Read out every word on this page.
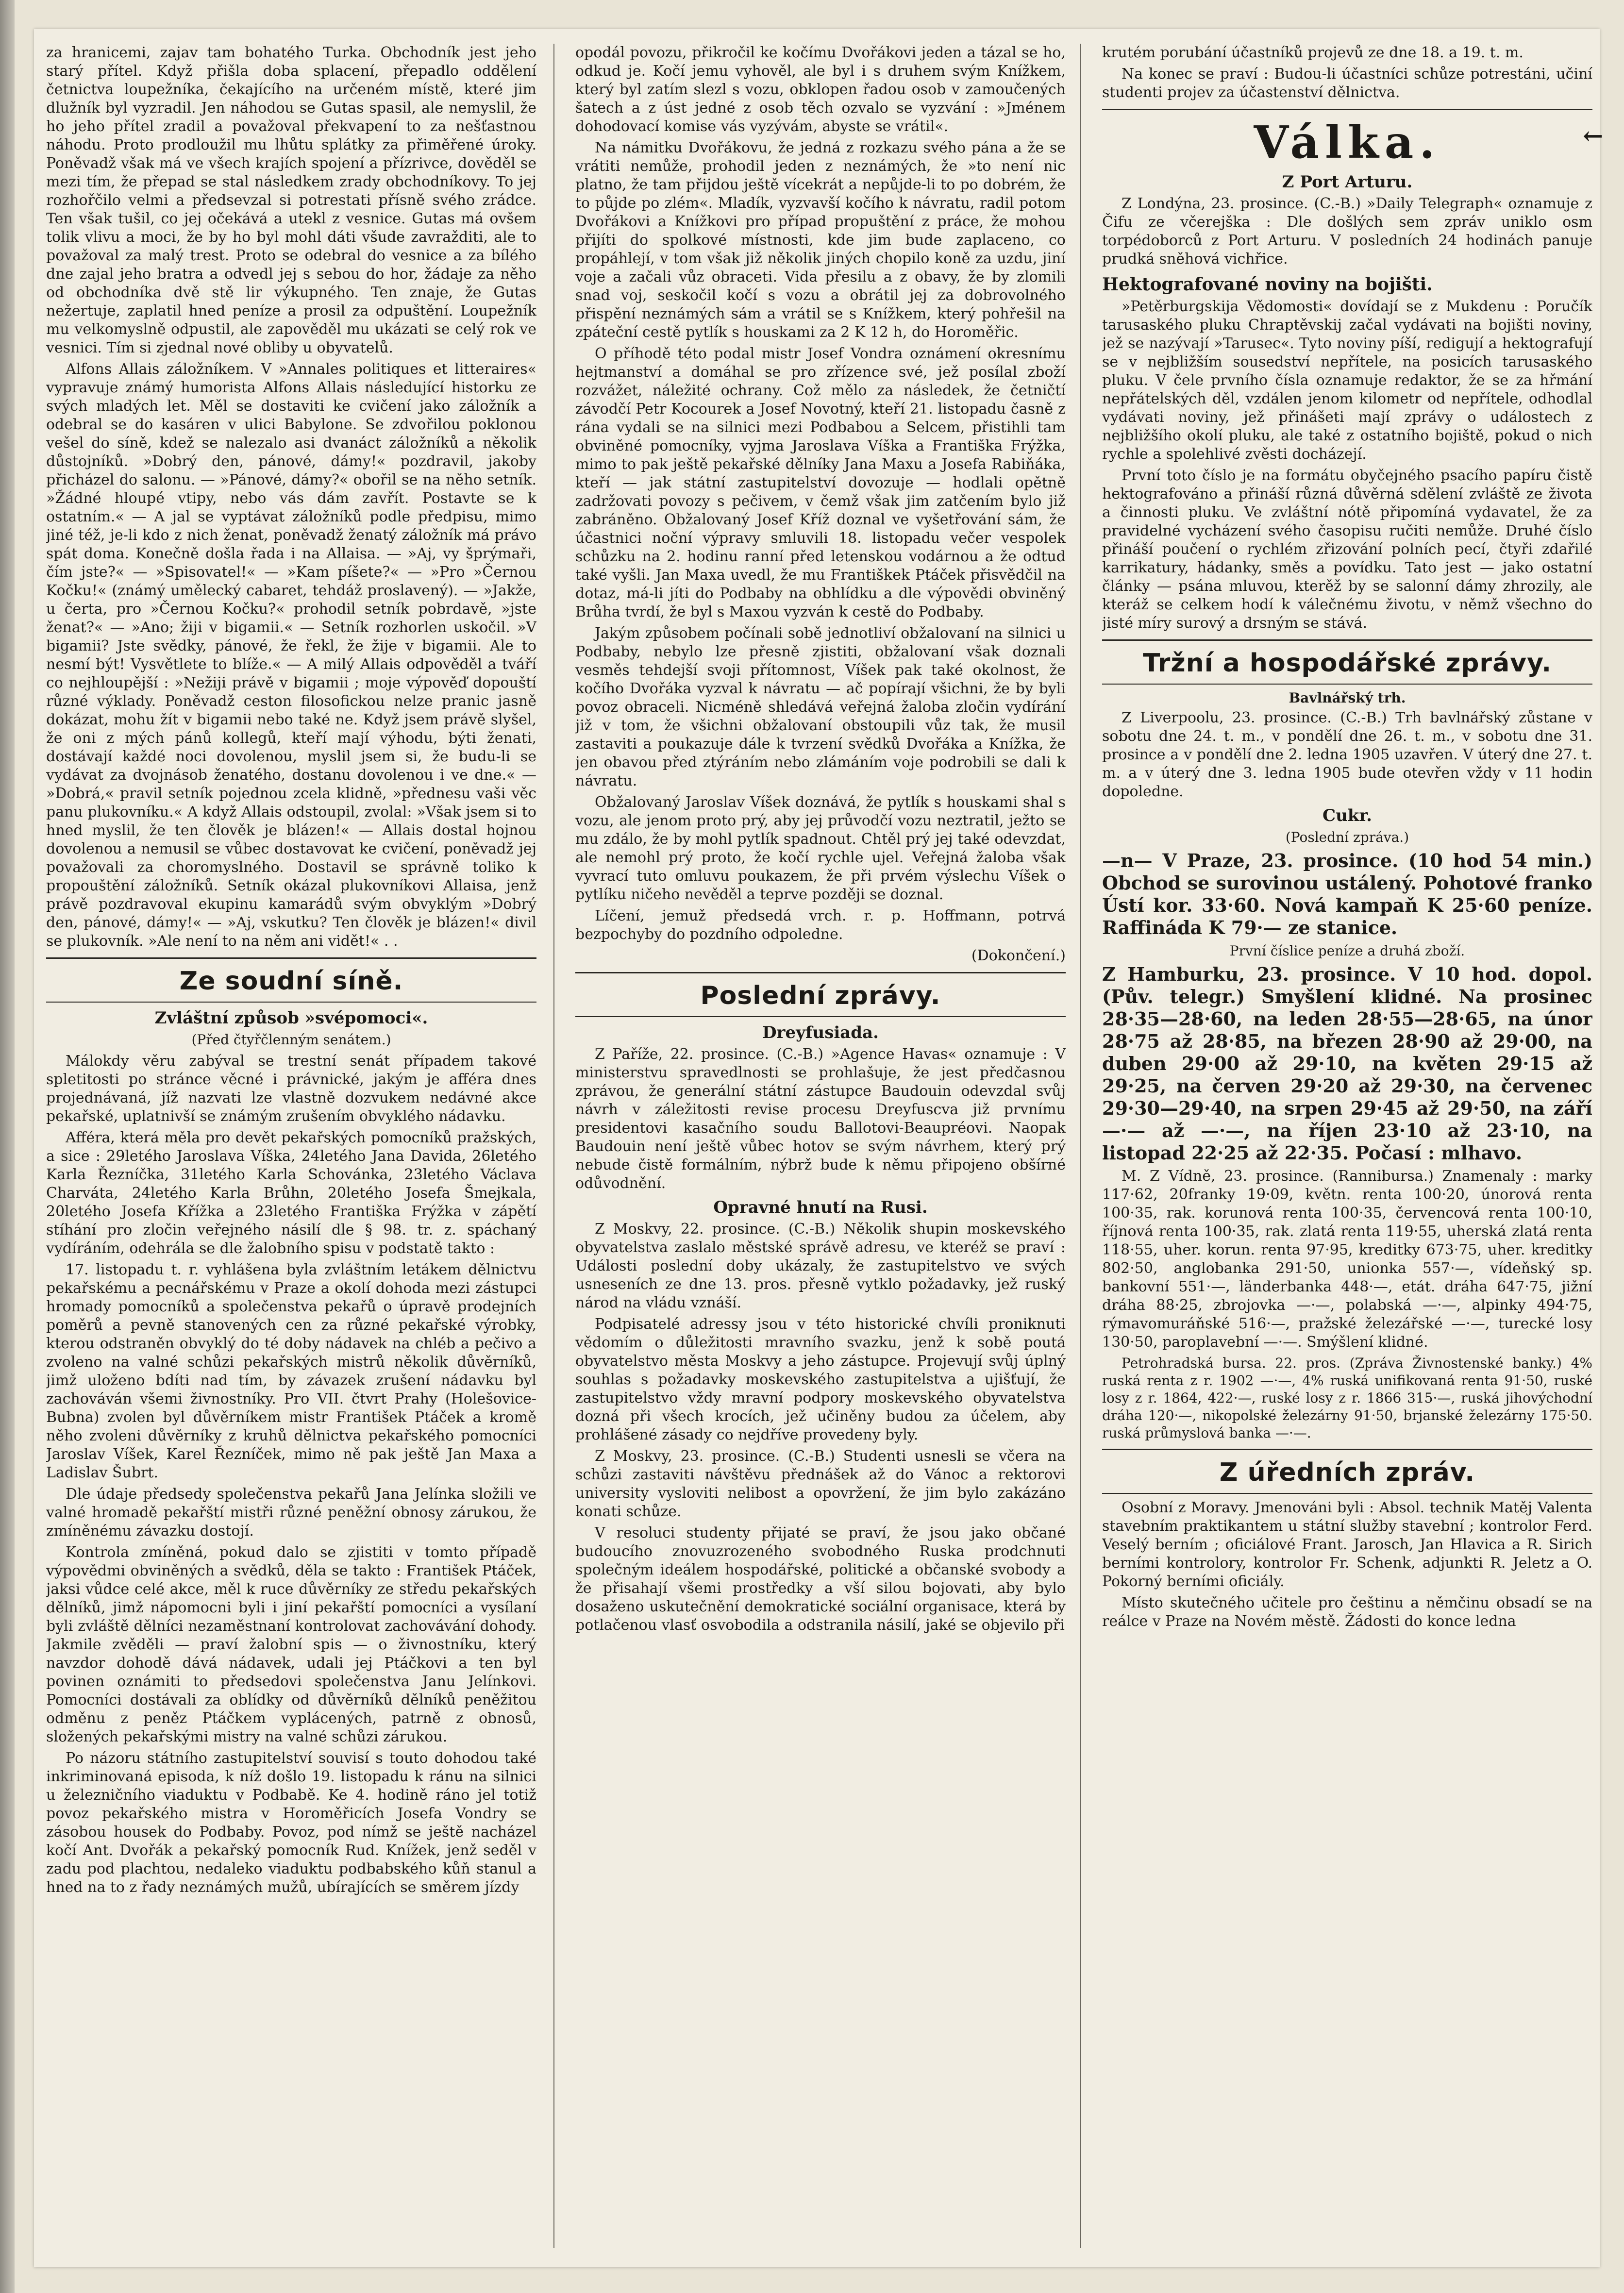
za hranicemi, zajav tam bohatého Turka. Obchodník jest jeho starý přítel. Když přišla doba splacení, přepadlo oddělení četnictva loupežníka, čekajícího na určeném místě, které jim dlužník byl vyzradil. Jen náhodou se Gutas spasil, ale nemyslil, že ho jeho přítel zradil a považoval překvapení to za nešťastnou náhodu. Proto prodloužil mu lhůtu splátky za přiměřené úroky. Poněvadž však má ve všech krajích spojení a přízrivce, dověděl se mezi tím, že přepad se stal následkem zrady obchodníkovy. To jej rozhořčilo velmi a předsevzal si potrestati přísně svého zrádce. Ten však tušil, co jej očekává a utekl z vesnice. Gutas má ovšem tolik vlivu a moci, že by ho byl mohl dáti všude zavražditi, ale to považoval za malý trest. Proto se odebral do vesnice a za bílého dne zajal jeho bratra a odvedl jej s sebou do hor, žádaje za něho od obchodníka dvě stě lir výkupného. Ten znaje, že Gutas nežertuje, zaplatil hned peníze a prosil za odpuštění. Loupežník mu velkomyslně odpustil, ale zapověděl mu ukázati se celý rok ve vesnici. Tím si zjednal nové obliby u obyvatelů.

Alfons Allais záložníkem. V »Annales politiques et litteraires« vypravuje známý humorista Alfons Allais následující historku ze svých mladých let. Měl se dostaviti ke cvičení jako záložník a odebral se do kasáren v ulici Babylone. Se zdvořilou poklonou vešel do síně, kdež se nalezalo asi dvanáct záložníků a několik důstojníků. »Dobrý den, pánové, dámy!« pozdravil, jakoby přicházel do salonu. — »Pánové, dámy?« obořil se na něho setník. »Žádné hloupé vtipy, nebo vás dám zavřít. Postavte se k ostatním.« — A jal se vyptávat záložníků podle předpisu, mimo jiné též, je-li kdo z nich ženat, poněvadž ženatý záložník má právo spát doma. Konečně došla řada i na Allaisa. — »Aj, vy šprýmaři, čím jste?« — »Spisovatel!« — »Kam píšete?« — »Pro »Černou Kočku!« (známý umělecký cabaret, tehdáž proslavený). — »Jakže, u čerta, pro »Černou Kočku?« prohodil setník pobrdavě, »jste ženat?« — »Ano; žiji v bigamii.« — Setník rozhorlen uskočil. »V bigamii? Jste svědky, pánové, že řekl, že žije v bigamii. Ale to nesmí být! Vysvětlete to blíže.« — A milý Allais odpověděl a tváří co nejhloupější : »Nežiji právě v bigamii ; moje výpověď dopouští různé výklady. Poněvadž ceston filosofickou nelze pranic jasně dokázat, mohu žít v bigamii nebo také ne. Když jsem právě slyšel, že oni z mých pánů kollegů, kteří mají výhodu, býti ženati, dostávají každé noci dovolenou, myslil jsem si, že budu-li se vydávat za dvojnásob ženatého, dostanu dovolenou i ve dne.« — »Dobrá,« pravil setník pojednou zcela klidně, »přednesu vaši věc panu plukovníku.« A když Allais odstoupil, zvolal: »Však jsem si to hned myslil, že ten člověk je blázen!« — Allais dostal hojnou dovolenou a nemusil se vůbec dostavovat ke cvičení, poněvadž jej považovali za choromyslného. Dostavil se správně toliko k propouštění záložníků. Setník okázal plukovníkovi Allaisa, jenž právě pozdravoval ekupinu kamarádů svým obvyklým »Dobrý den, pánové, dámy!« — »Aj, vskutku? Ten člověk je blázen!« divil se plukovník. »Ale není to na něm ani vidět!« . .

Ze soudní síně.
Zvláštní způsob »svépomoci«.
(Před čtyřčlenným senátem.)

Málokdy věru zabýval se trestní senát případem takové spletitosti po stránce věcné i právnické, jakým je afféra dnes projednávaná, jíž nazvati lze vlastně dozvukem nedávné akce pekařské, uplatnivší se známým zrušením obvyklého nádavku.

Afféra, která měla pro devět pekařských pomocníků pražských, a sice : 29letého Jaroslava Víška, 24letého Jana Davida, 26letého Karla Řezníčka, 31letého Karla Schovánka, 23letého Václava Charváta, 24letého Karla Brůhn, 20letého Josefa Šmejkala, 20letého Josefa Křížka a 23letého Františka Frýžka v zápětí stíhání pro zločin veřejného násilí dle § 98. tr. z. spáchaný vydíráním, odehrála se dle žalobního spisu v podstatě takto :

17. listopadu t. r. vyhlášena byla zvláštním letákem dělnictvu pekařskému a pecnářskému v Praze a okolí dohoda mezi zástupci hromady pomocníků a společenstva pekařů o úpravě prodejních poměrů a pevně stanovených cen za různé pekařské výrobky, kterou odstraněn obvyklý do té doby nádavek na chléb a pečivo a zvoleno na valné schůzi pekařských mistrů několik důvěrníků, jimž uloženo bdíti nad tím, by závazek zrušení nádavku byl zachováván všemi živnostníky. Pro VII. čtvrt Prahy (Holešovice-Bubna) zvolen byl důvěrníkem mistr František Ptáček a kromě něho zvoleni důvěrníky z kruhů dělnictva pekařského pomocníci Jaroslav Víšek, Karel Řezníček, mimo ně pak ještě Jan Maxa a Ladislav Šubrt.

Dle údaje předsedy společenstva pekařů Jana Jelínka složili ve valné hromadě pekařští mistři různé peněžní obnosy zárukou, že zmíněnému závazku dostojí.

Kontrola zmíněná, pokud dalo se zjistiti v tomto případě výpovědmi obviněných a svědků, děla se takto : František Ptáček, jaksi vůdce celé akce, měl k ruce důvěrníky ze středu pekařských dělníků, jimž nápomocni byli i jiní pekařští pomocníci a vysílaní byli zvláště dělníci nezaměstnaní kontrolovat zachovávání dohody. Jakmile zvěděli — praví žalobní spis — o živnostníku, který navzdor dohodě dává nádavek, udali jej Ptáčkovi a ten byl povinen oznámiti to předsedovi společenstva Janu Jelínkovi. Pomocníci dostávali za oblídky od důvěrníků dělníků peněžitou odměnu z peněz Ptáčkem vyplácených, patrně z obnosů, složených pekařskými mistry na valné schůzi zárukou.

Po názoru státního zastupitelství souvisí s touto dohodou také inkriminovaná episoda, k níž došlo 19. listopadu k ránu na silnici u železničního viaduktu v Podbabě. Ke 4. hodině ráno jel totiž povoz pekařského mistra v Horoměřicích Josefa Vondry se zásobou housek do Podbaby. Povoz, pod nímž se ještě nacházel kočí Ant. Dvořák a pekařský pomocník Rud. Knížek, jenž seděl v zadu pod plachtou, nedaleko viaduktu podbabského kůň stanul a hned na to z řady neznámých mužů, ubírajících se směrem jízdy

opodál povozu, přikročil ke kočímu Dvořákovi jeden a tázal se ho, odkud je. Kočí jemu vyhověl, ale byl i s druhem svým Knížkem, který byl zatím slezl s vozu, obklopen řadou osob v zamoučených šatech a z úst jedné z osob těch ozvalo se vyzvání : »Jménem dohodovací komise vás vyzývám, abyste se vrátil«.

Na námitku Dvořákovu, že jedná z rozkazu svého pána a že se vrátiti nemůže, prohodil jeden z neznámých, že »to není nic platno, že tam přijdou ještě vícekrát a nepůjde-li to po dobrém, že to půjde po zlém«. Mladík, vyzvavší kočího k návratu, radil potom Dvořákovi a Knížkovi pro případ propuštění z práce, že mohou přijíti do spolkové místnosti, kde jim bude zaplaceno, co propáhlejí, v tom však již několik jiných chopilo koně za uzdu, jiní voje a začali vůz obraceti. Vida přesilu a z obavy, že by zlomili snad voj, seskočil kočí s vozu a obrátil jej za dobrovolného přispění neznámých sám a vrátil se s Knížkem, který pohřešil na zpáteční cestě pytlík s houskami za 2 K 12 h, do Horoměřic.

O příhodě této podal mistr Josef Vondra oznámení okresnímu hejtmanství a domáhal se pro zřízence své, jež posílal zboží rozvážet, náležité ochrany. Což mělo za následek, že četničtí závodčí Petr Kocourek a Josef Novotný, kteří 21. listopadu časně z rána vydali se na silnici mezi Podbabou a Selcem, přistihli tam obviněné pomocníky, vyjma Jaroslava Víška a Františka Frýžka, mimo to pak ještě pekařské dělníky Jana Maxu a Josefa Rabiňáka, kteří — jak státní zastupitelství dovozuje — hodlali opětně zadržovati povozy s pečivem, v čemž však jim zatčením bylo již zabráněno. Obžalovaný Josef Kříž doznal ve vyšetřování sám, že účastnici noční výpravy smluvili 18. listopadu večer vespolek schůzku na 2. hodinu ranní před letenskou vodárnou a že odtud také vyšli. Jan Maxa uvedl, že mu Františkek Ptáček přisvědčil na dotaz, má-li jíti do Podbaby na obhlídku a dle výpovědi obviněný Brůha tvrdí, že byl s Maxou vyzván k cestě do Podbaby.

Jakým způsobem počínali sobě jednotliví obžalovaní na silnici u Podbaby, nebylo lze přesně zjistiti, obžalovaní však doznali vesměs tehdejší svoji přítomnost, Víšek pak také okolnost, že kočího Dvořáka vyzval k návratu — ač popírají všichni, že by byli povoz obraceli. Nicméně shledává veřejná žaloba zločin vydírání již v tom, že všichni obžalovaní obstoupili vůz tak, že musil zastaviti a poukazuje dále k tvrzení svědků Dvořáka a Knížka, že jen obavou před ztýráním nebo zlámáním voje podrobili se dali k návratu.

Obžalovaný Jaroslav Víšek doznává, že pytlík s houskami shal s vozu, ale jenom proto prý, aby jej průvodčí vozu neztratil, ježto se mu zdálo, že by mohl pytlík spadnout. Chtěl prý jej také odevzdat, ale nemohl prý proto, že kočí rychle ujel. Veřejná žaloba však vyvrací tuto omluvu poukazem, že při prvém výslechu Víšek o pytlíku ničeho nevěděl a teprve později se doznal.

Líčení, jemuž předsedá vrch. r. p. Hoffmann, potrvá bezpochyby do pozdního odpoledne.

(Dokončení.)
Poslední zprávy.
Dreyfusiada.

Z Paříže, 22. prosince. (C.-B.) »Agence Havas« oznamuje : V ministerstvu spravedlnosti se prohlašuje, že jest předčasnou zprávou, že generální státní zástupce Baudouin odevzdal svůj návrh v záležitosti revise procesu Dreyfuscva již prvnímu presidentovi kasačního soudu Ballotovi-Beaupréovi. Naopak Baudouin není ještě vůbec hotov se svým návrhem, který prý nebude čistě formálním, nýbrž bude k němu připojeno obšírné odůvodnění.

Opravné hnutí na Rusi.

Z Moskvy, 22. prosince. (C.-B.) Několik shupin moskevského obyvatelstva zaslalo městské správě adresu, ve kteréž se praví : Události poslední doby ukázaly, že zastupitelstvo ve svých usneseních ze dne 13. pros. přesně vytklo požadavky, jež ruský národ na vládu vznáší.

Podpisatelé adressy jsou v této historické chvíli proniknuti vědomím o důležitosti mravního svazku, jenž k sobě poutá obyvatelstvo města Moskvy a jeho zástupce. Projevují svůj úplný souhlas s požadavky moskevského zastupitelstva a ujišťují, že zastupitelstvo vždy mravní podpory moskevského obyvatelstva dozná při všech krocích, jež učiněny budou za účelem, aby prohlášené zásady co nejdříve provedeny byly.

Z Moskvy, 23. prosince. (C.-B.) Studenti usnesli se včera na schůzi zastaviti návštěvu přednášek až do Vánoc a rektorovi university vysloviti nelibost a opovržení, že jim bylo zakázáno konati schůze.

V resoluci studenty přijaté se praví, že jsou jako občané budoucího znovuzrozeného svobodného Ruska prodchnuti společným ideálem hospodářské, politické a občanské svobody a že přisahají všemi prostředky a vší silou bojovati, aby bylo dosaženo uskutečnění demokratické sociální organisace, která by potlačenou vlasť osvobodila a odstranila násilí, jaké se objevilo při

krutém porubání účastníků projevů ze dne 18. a 19. t. m.

Na konec se praví : Budou-li účastníci schůze potrestáni, učiní studenti projev za účastenství dělnictva.

Válka.
Z Port Arturu.

Z Londýna, 23. prosince. (C.-B.) »Daily Telegraph« oznamuje z Čifu ze včerejška : Dle došlých sem zpráv uniklo osm torpédoborců z Port Arturu. V posledních 24 hodinách panuje prudká sněhová vichřice.

Hektografované noviny na bojišti.

»Petěrburgskija Vědomosti« dovídají se z Mukdenu : Poručík tarusaského pluku Chraptěvskij začal vydávati na bojišti noviny, jež se nazývají »Tarusec«. Tyto noviny píší, redigují a hektografují se v nejbližším sousedství nepřítele, na posicích tarusaského pluku. V čele prvního čísla oznamuje redaktor, že se za hřmání nepřátelských děl, vzdálen jenom kilometr od nepřítele, odhodlal vydávati noviny, jež přinášeti mají zprávy o událostech z nejbližšího okolí pluku, ale také z ostatního bojiště, pokud o nich rychle a spolehlivé zvěsti docházejí.

První toto číslo je na formátu obyčejného psacího papíru čistě hektografováno a přináší různá důvěrná sdělení zvláště ze života a činnosti pluku. Ve zvláštní nótě připomíná vydavatel, že za pravidelné vycházení svého časopisu ručiti nemůže. Druhé číslo přináší poučení o rychlém zřizování polních pecí, čtyři zdařilé karrikatury, hádanky, směs a povídku. Tato jest — jako ostatní články — psána mluvou, kterěž by se salonní dámy zhrozily, ale kteráž se celkem hodí k válečnému životu, v němž všechno do jisté míry surový a drsným se stává.

Tržní a hospodářské zprávy.
Bavlnářský trh.

Z Liverpoolu, 23. prosince. (C.-B.) Trh bavlnářský zůstane v sobotu dne 24. t. m., v pondělí dne 26. t. m., v sobotu dne 31. prosince a v pondělí dne 2. ledna 1905 uzavřen. V úterý dne 27. t. m. a v úterý dne 3. ledna 1905 bude otevřen vždy v 11 hodin dopoledne.

Cukr.
(Poslední zpráva.)

—n— V Praze, 23. prosince. (10 hod 54 min.) Obchod se surovinou ustálený. Pohotové franko Ústí kor. 33·60. Nová kampaň K 25·60 peníze. Raffináda K 79·— ze stanice.

První číslice peníze a druhá zboží.

Z Hamburku, 23. prosince. V 10 hod. dopol. (Pův. telegr.) Smyšlení klidné. Na prosinec 28·35—28·60, na leden 28·55—28·65, na únor 28·75 až 28·85, na březen 28·90 až 29·00, na duben 29·00 až 29·10, na květen 29·15 až 29·25, na červen 29·20 až 29·30, na červenec 29·30—29·40, na srpen 29·45 až 29·50, na září —·— až —·—, na říjen 23·10 až 23·10, na listopad 22·25 až 22·35. Počasí : mlhavo.

M. Z Vídně, 23. prosince. (Rannibursa.) Znamenaly : marky 117·62, 20franky 19·09, květn. renta 100·20, únorová renta 100·35, rak. korunová renta 100·35, červencová renta 100·10, říjnová renta 100·35, rak. zlatá renta 119·55, uherská zlatá renta 118·55, uher. korun. renta 97·95, kreditky 673·75, uher. kreditky 802·50, anglobanka 291·50, unionka 557·—, vídeňský sp. bankovní 551·—, länderbanka 448·—, etát. dráha 647·75, jižní dráha 88·25, zbrojovka —·—, polabská —·—, alpinky 494·75, rýmavomuráňské 516·—, pražské železářské —·—, turecké losy 130·50, paroplavební —·—. Smýšlení klidné.

Petrohradská bursa. 22. pros. (Zpráva Živnostenské banky.) 4% ruská renta z r. 1902 —·—, 4% ruská unifikovaná renta 91·50, ruské losy z r. 1864, 422·—, ruské losy z r. 1866 315·—, ruská jihovýchodní dráha 120·—, nikopolské železárny 91·50, brjanské železárny 175·50. ruská průmyslová banka —·—.

Z úředních zpráv.

Osobní z Moravy. Jmenováni byli : Absol. technik Matěj Valenta stavebním praktikantem u státní služby stavební ; kontrolor Ferd. Veselý berním ; oficiálové Frant. Jarosch, Jan Hlavica a R. Sirich berními kontrolory, kontrolor Fr. Schenk, adjunkti R. Jeletz a O. Pokorný berními oficiály.

Místo skutečného učitele pro češtinu a němčinu obsadí se na reálce v Praze na Novém městě. Žádosti do konce ledna

←
